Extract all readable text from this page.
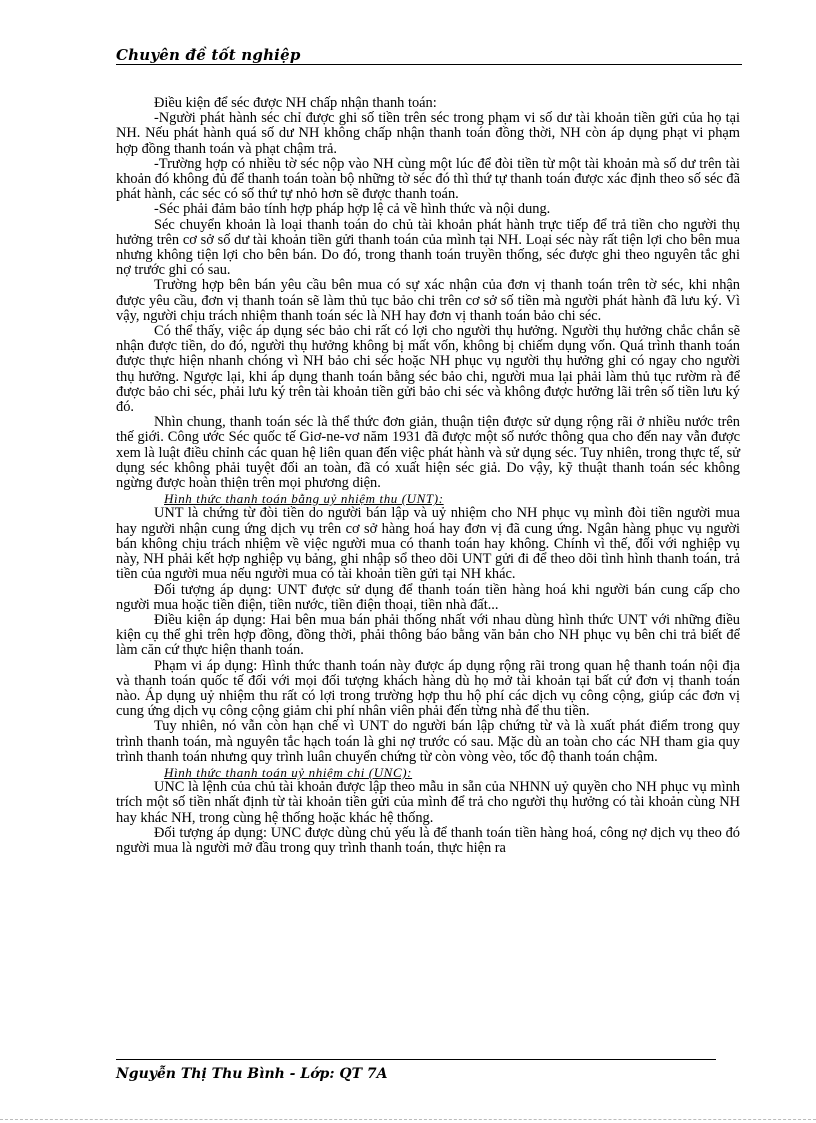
Chuyên đề tốt nghiệp

Điều kiện để séc được NH chấp nhận thanh toán:

-Người phát hành séc chỉ được ghi số tiền trên séc trong phạm vi số dư tài khoản tiền gửi của họ tại NH. Nếu phát hành quá số dư NH không chấp nhận thanh toán đồng thời, NH còn áp dụng phạt vi phạm hợp đồng thanh toán và phạt chậm trả.

-Trường hợp có nhiều tờ séc nộp vào NH cùng một lúc để đòi tiền từ một tài khoản mà số dư trên tài khoản đó không đủ để thanh toán toàn bộ những tờ séc đó thì thứ tự thanh toán được xác định theo số séc đã phát hành, các séc có số thứ tự nhỏ hơn sẽ được thanh toán.

-Séc phải đảm bảo tính hợp pháp hợp lệ cả về hình thức và nội dung.

Séc chuyển khoản là loại thanh toán do chủ tài khoản phát hành trực tiếp để trả tiền cho người thụ hưởng trên cơ sở số dư tài khoản tiền gửi thanh toán của mình tại NH. Loại séc này rất tiện lợi cho bên mua nhưng không tiện lợi cho bên bán. Do đó, trong thanh toán truyền thống, séc được ghi theo nguyên tắc ghi nợ trước ghi có sau.

Trường hợp bên bán yêu cầu bên mua có sự xác nhận của đơn vị thanh toán trên tờ séc, khi nhận được yêu cầu, đơn vị thanh toán sẽ làm thủ tục bảo chi trên cơ sở số tiền mà người phát hành đã lưu ký. Vì vậy, người chịu trách nhiệm thanh toán séc là NH hay đơn vị thanh toán bảo chi séc.

Có thể thấy, việc áp dụng séc bảo chi rất có lợi cho người thụ hưởng. Người thụ hưởng chắc chắn sẽ nhận được tiền, do đó, người thụ hưởng không bị mất vốn, không bị chiếm dụng vốn. Quá trình thanh toán được thực hiện nhanh chóng vì NH bảo chi séc hoặc NH phục vụ người thụ hưởng ghi có ngay cho người thụ hưởng. Ngược lại, khi áp dụng thanh toán bằng séc bảo chi, người mua lại phải làm thủ tục rườm rà để được bảo chi séc, phải lưu ký trên tài khoản tiền gửi bảo chi séc và không được hưởng lãi trên số tiền lưu ký đó.

Nhìn chung, thanh toán séc là thể thức đơn giản, thuận tiện được sử dụng rộng rãi ở nhiều nước trên thế giới. Công ước Séc quốc tế Giơ-ne-vơ năm 1931 đã được một số nước thông qua cho đến nay vẫn được xem là luật điều chỉnh các quan hệ liên quan đến việc phát hành và sử dụng séc. Tuy nhiên, trong thực tế, sử dụng séc không phải tuyệt đối an toàn, đã có xuất hiện séc giả. Do vậy, kỹ thuật thanh toán séc không ngừng được hoàn thiện trên mọi phương diện.

Hình thức thanh toán bằng uỷ nhiệm thu (UNT):

UNT là chứng từ đòi tiền do người bán lập và uỷ nhiệm cho NH phục vụ mình đòi tiền người mua hay người nhận cung ứng dịch vụ trên cơ sở hàng hoá hay đơn vị đã cung ứng. Ngân hàng phục vụ người bán không chịu trách nhiệm về việc người mua có thanh toán hay không. Chính vì thế, đối với nghiệp vụ này, NH phải kết hợp nghiệp vụ bảng, ghi nhập sổ theo dõi UNT gửi đi để theo dõi tình hình thanh toán, trả tiền của người mua nếu người mua có tài khoản tiền gửi tại NH khác.

Đối tượng áp dụng: UNT được sử dụng để thanh toán tiền hàng hoá khi người bán cung cấp cho người mua hoặc tiền điện, tiền nước, tiền điện thoại, tiền nhà đất...

Điều kiện áp dụng: Hai bên mua bán phải thống nhất với nhau dùng hình thức UNT với những điều kiện cụ thể ghi trên hợp đồng, đồng thời, phải thông báo bằng văn bản cho NH phục vụ bên chi trả biết để làm căn cứ thực hiện thanh toán.

Phạm vi áp dụng: Hình thức thanh toán này được áp dụng rộng rãi trong quan hệ thanh toán nội địa và thanh toán quốc tế đối với mọi đối tượng khách hàng dù họ mở tài khoản tại bất cứ đơn vị thanh toán nào. Áp dụng uỷ nhiệm thu rất có lợi trong trường hợp thu hộ phí các dịch vụ công cộng, giúp các đơn vị cung ứng dịch vụ công cộng giảm chi phí nhân viên phải đến từng nhà để thu tiền.

Tuy nhiên, nó vẫn còn hạn chế vì UNT do người bán lập chứng từ và là xuất phát điểm trong quy trình thanh toán, mà nguyên tắc hạch toán là ghi nợ trước có sau. Mặc dù an toàn cho các NH tham gia quy trình thanh toán nhưng quy trình luân chuyển chứng từ còn vòng vèo, tốc độ thanh toán chậm.

Hình thức thanh toán uỷ nhiệm chi (UNC):

UNC là lệnh của chủ tài khoản được lập theo mẫu in sẵn của NHNN uỷ quyền cho NH phục vụ mình trích một số tiền nhất định từ tài khoản tiền gửi của mình để trả cho người thụ hưởng có tài khoản cùng NH hay khác NH, trong cùng hệ thống hoặc khác hệ thống.

Đối tượng áp dụng: UNC được dùng chủ yếu là để thanh toán tiền hàng hoá, công nợ dịch vụ theo đó người mua là người mở đầu trong quy trình thanh toán, thực hiện ra

Nguyễn Thị Thu Bình - Lớp: QT 7A
